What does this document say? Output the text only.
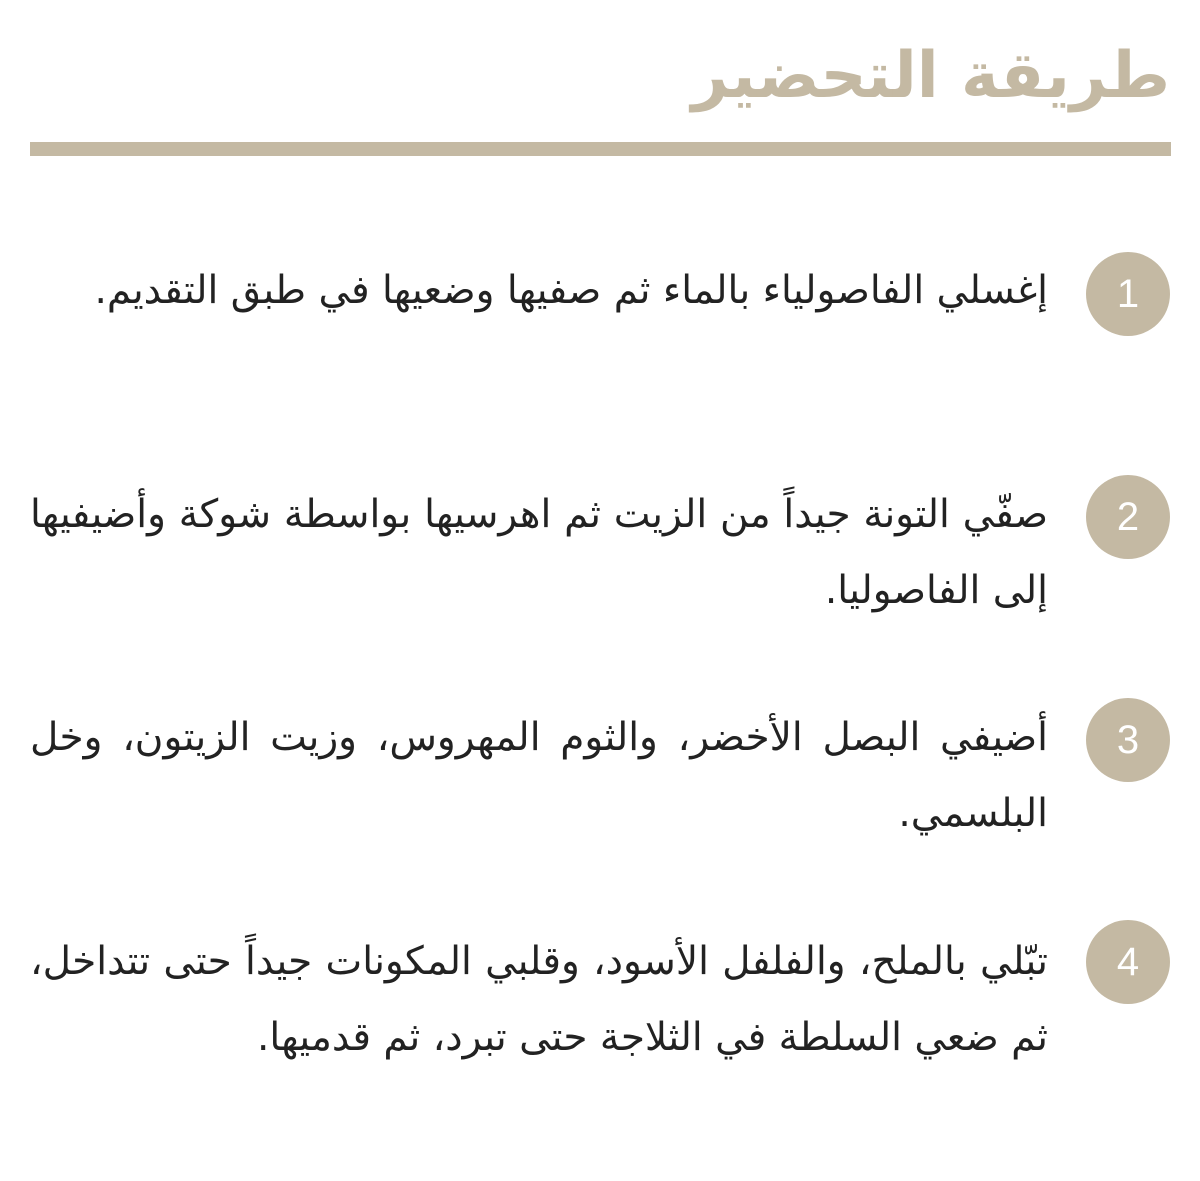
طريقة التحضير
1

إغسلي الفاصولياء بالماء ثم صفيها وضعيها في طبق التقديم.

2

صفّي التونة جيداً من الزيت ثم اهرسيها بواسطة شوكة وأضيفيها إلى الفاصوليا.

3

أضيفي البصل الأخضر، والثوم المهروس، وزيت الزيتون، وخل البلسمي.

4

تبّلي بالملح، والفلفل الأسود، وقلبي المكونات جيداً حتى تتداخل، ثم ضعي السلطة في الثلاجة حتى تبرد، ثم قدميها.
